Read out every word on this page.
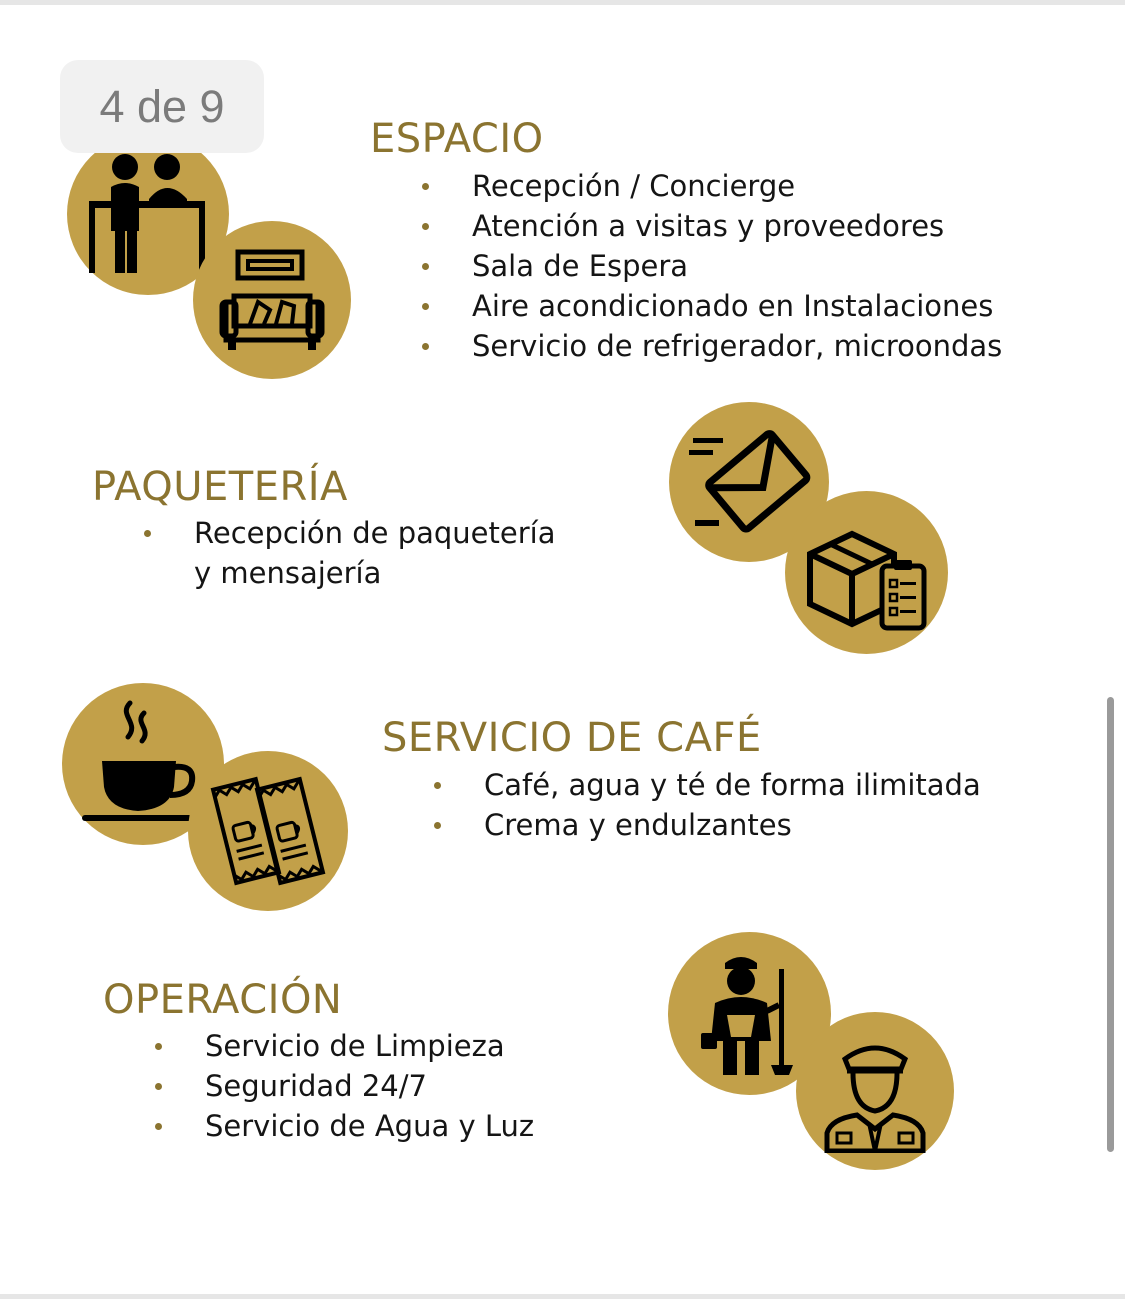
4 de 9
ESPACIO
Recepción / Concierge
Atención a visitas y proveedores
Sala de Espera
Aire acondicionado en Instalaciones
Servicio de refrigerador, microondas
PAQUETERÍA
Recepción de paquetería
y mensajería
SERVICIO DE CAFÉ
Café, agua y té de forma ilimitada
Crema y endulzantes
OPERACIÓN
Servicio de Limpieza
Seguridad 24/7
Servicio de Agua y Luz
